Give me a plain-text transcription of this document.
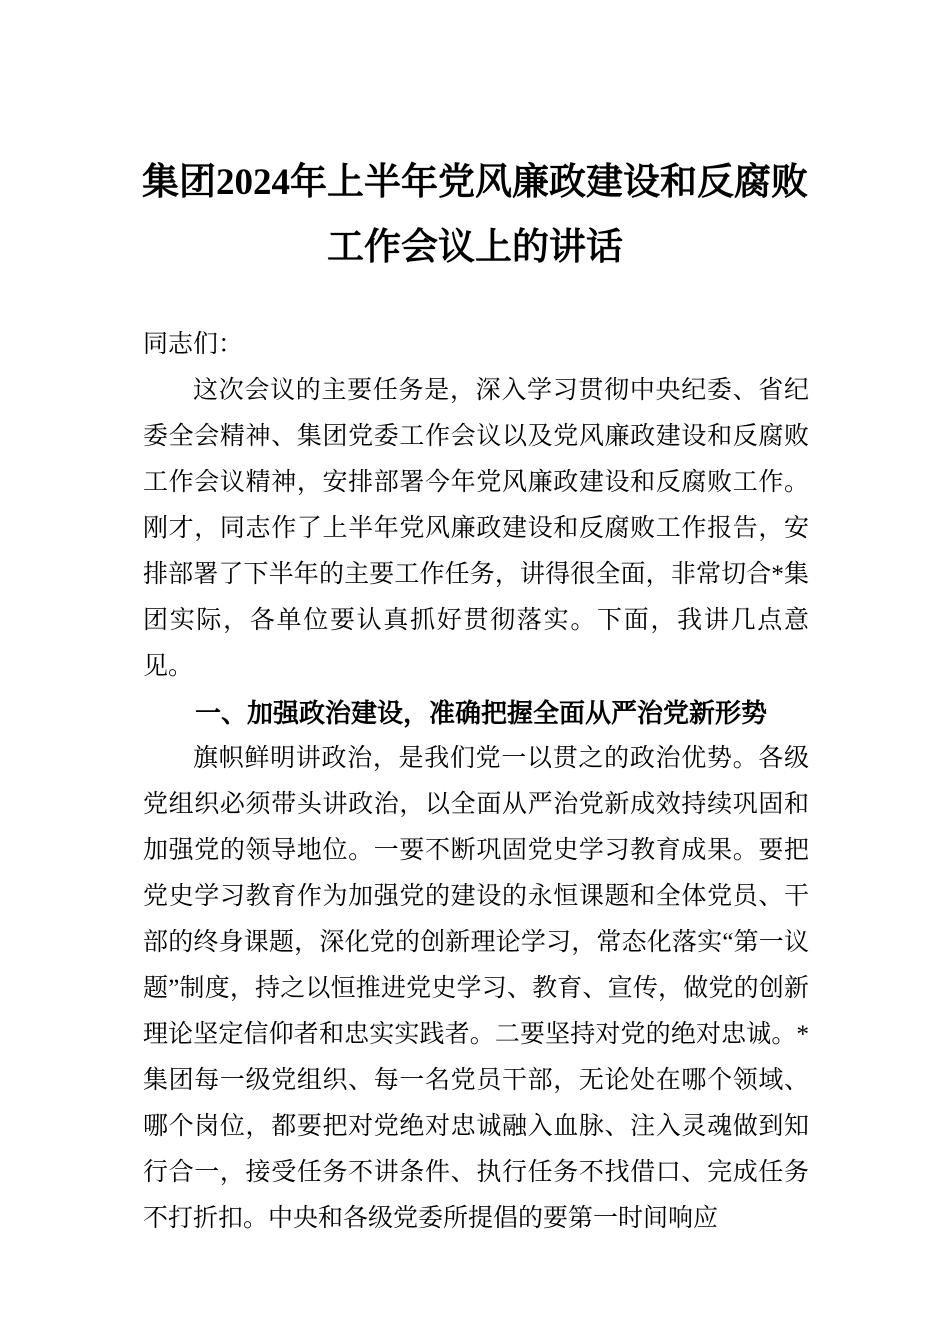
集团2024年上半年党风廉政建设和反腐败
工作会议上的讲话

同志们：

这次会议的主要任务是，深入学习贯彻中央纪委、省纪委全会精神、集团党委工作会议以及党风廉政建设和反腐败工作会议精神，安排部署今年党风廉政建设和反腐败工作。刚才，同志作了上半年党风廉政建设和反腐败工作报告，安排部署了下半年的主要工作任务，讲得很全面，非常切合*集团实际，各单位要认真抓好贯彻落实。下面，我讲几点意见。

一、加强政治建设，准确把握全面从严治党新形势

旗帜鲜明讲政治，是我们党一以贯之的政治优势。各级党组织必须带头讲政治，以全面从严治党新成效持续巩固和加强党的领导地位。一要不断巩固党史学习教育成果。要把党史学习教育作为加强党的建设的永恒课题和全体党员、干部的终身课题，深化党的创新理论学习，常态化落实“第一议题”制度，持之以恒推进党史学习、教育、宣传，做党的创新理论坚定信仰者和忠实实践者。二要坚持对党的绝对忠诚。*集团每一级党组织、每一名党员干部，无论处在哪个领域、哪个岗位，都要把对党绝对忠诚融入血脉、注入灵魂做到知行合一，接受任务不讲条件、执行任务不找借口、完成任务不打折扣。中央和各级党委所提倡的要第一时间响应
